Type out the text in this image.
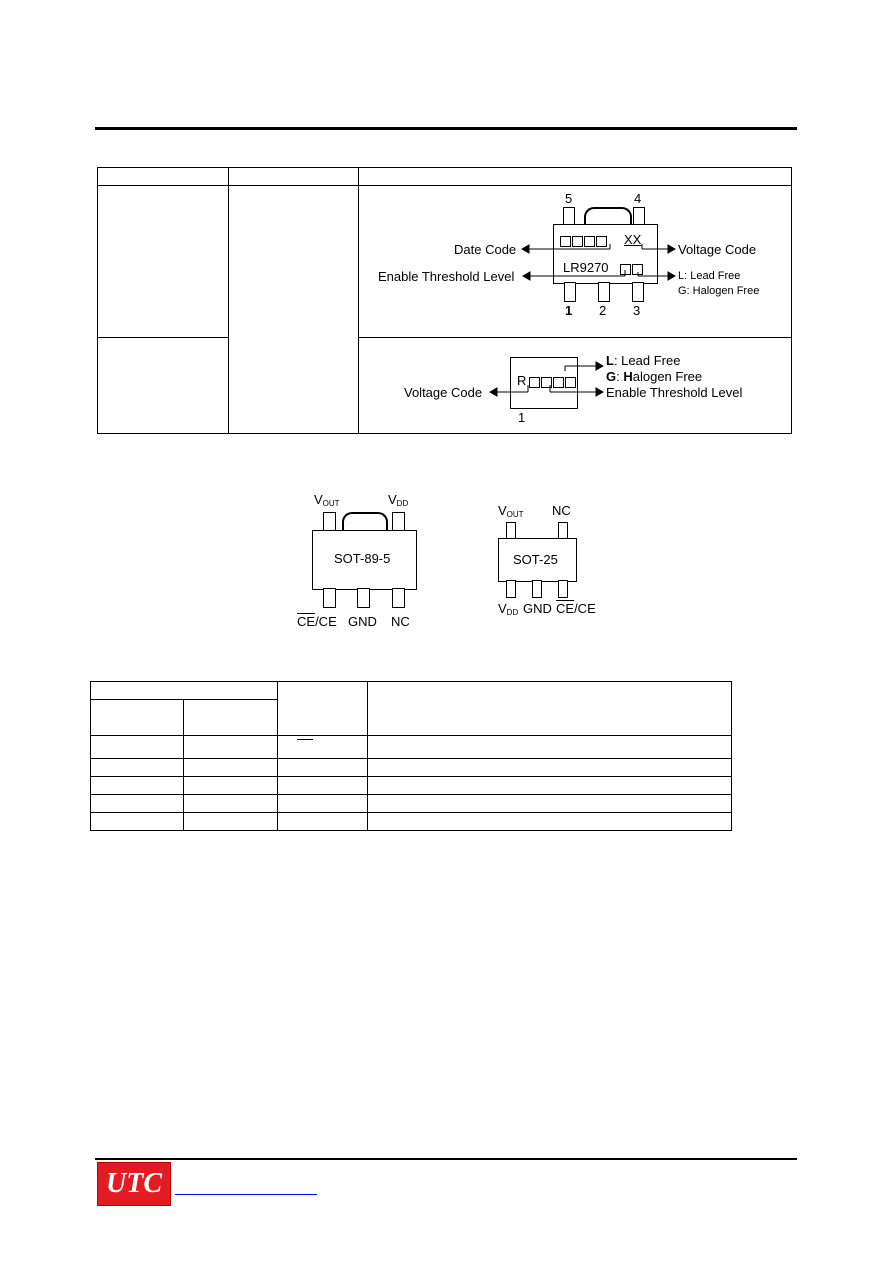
5	4
XX
LR9270
1 2 3
Date Code	Voltage Code
Enable Threshold Level	L: Lead Free
G: Halogen Free
R
1
L: Lead Free
G: Halogen Free
Voltage Code	Enable Threshold Level
$V_{OUT}$	$V_{DD}$
SOT-89-5
$\overline{CE}/CE$ GND NC
$V_{OUT}$ NC
SOT-25
$V_{DD}$ GND $\overline{CE}/CE$

UTC
